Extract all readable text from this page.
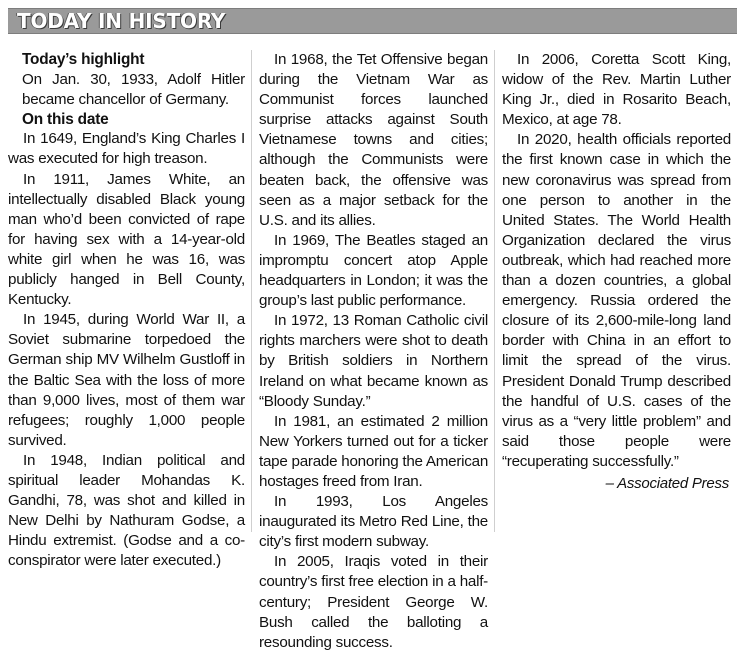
TODAY IN HISTORY
Today’s highlight

On Jan. 30, 1933, Adolf Hitler became chancellor of Germany.

On this date

In 1649, England’s King Charles I was executed for high treason.

In 1911, James White, an intellectually disabled Black young man who’d been convicted of rape for having sex with a 14-year-old white girl when he was 16, was publicly hanged in Bell County, Kentucky.

In 1945, during World War II, a Soviet submarine torpedoed the German ship MV Wilhelm Gustloff in the Baltic Sea with the loss of more than 9,000 lives, most of them war refugees; roughly 1,000 people survived.

In 1948, Indian political and spiritual leader Mohandas K. Gandhi, 78, was shot and killed in New Delhi by Nathuram Godse, a Hindu extremist. (Godse and a co-conspirator were later executed.)

In 1968, the Tet Offensive began during the Vietnam War as Communist forces launched surprise attacks against South Vietnamese towns and cities; although the Communists were beaten back, the offensive was seen as a major setback for the U.S. and its allies.

In 1969, The Beatles staged an impromptu concert atop Apple headquarters in London; it was the group’s last public performance.

In 1972, 13 Roman Catholic civil rights marchers were shot to death by British soldiers in Northern Ireland on what became known as “Bloody Sunday.”

In 1981, an estimated 2 million New Yorkers turned out for a ticker tape parade honoring the American hostages freed from Iran.

In 1993, Los Angeles inaugurated its Metro Red Line, the city’s first modern subway.

In 2005, Iraqis voted in their country’s first free election in a half-century; President George W. Bush called the balloting a resounding success.

In 2006, Coretta Scott King, widow of the Rev. Martin Luther King Jr., died in Rosarito Beach, Mexico, at age 78.

In 2020, health officials reported the first known case in which the new coronavirus was spread from one person to another in the United States. The World Health Organization declared the virus outbreak, which had reached more than a dozen countries, a global emergency. Russia ordered the closure of its 2,600-mile-long land border with China in an effort to limit the spread of the virus. President Donald Trump described the handful of U.S. cases of the virus as a “very little problem” and said those people were “recuperating successfully.”

– Associated Press
